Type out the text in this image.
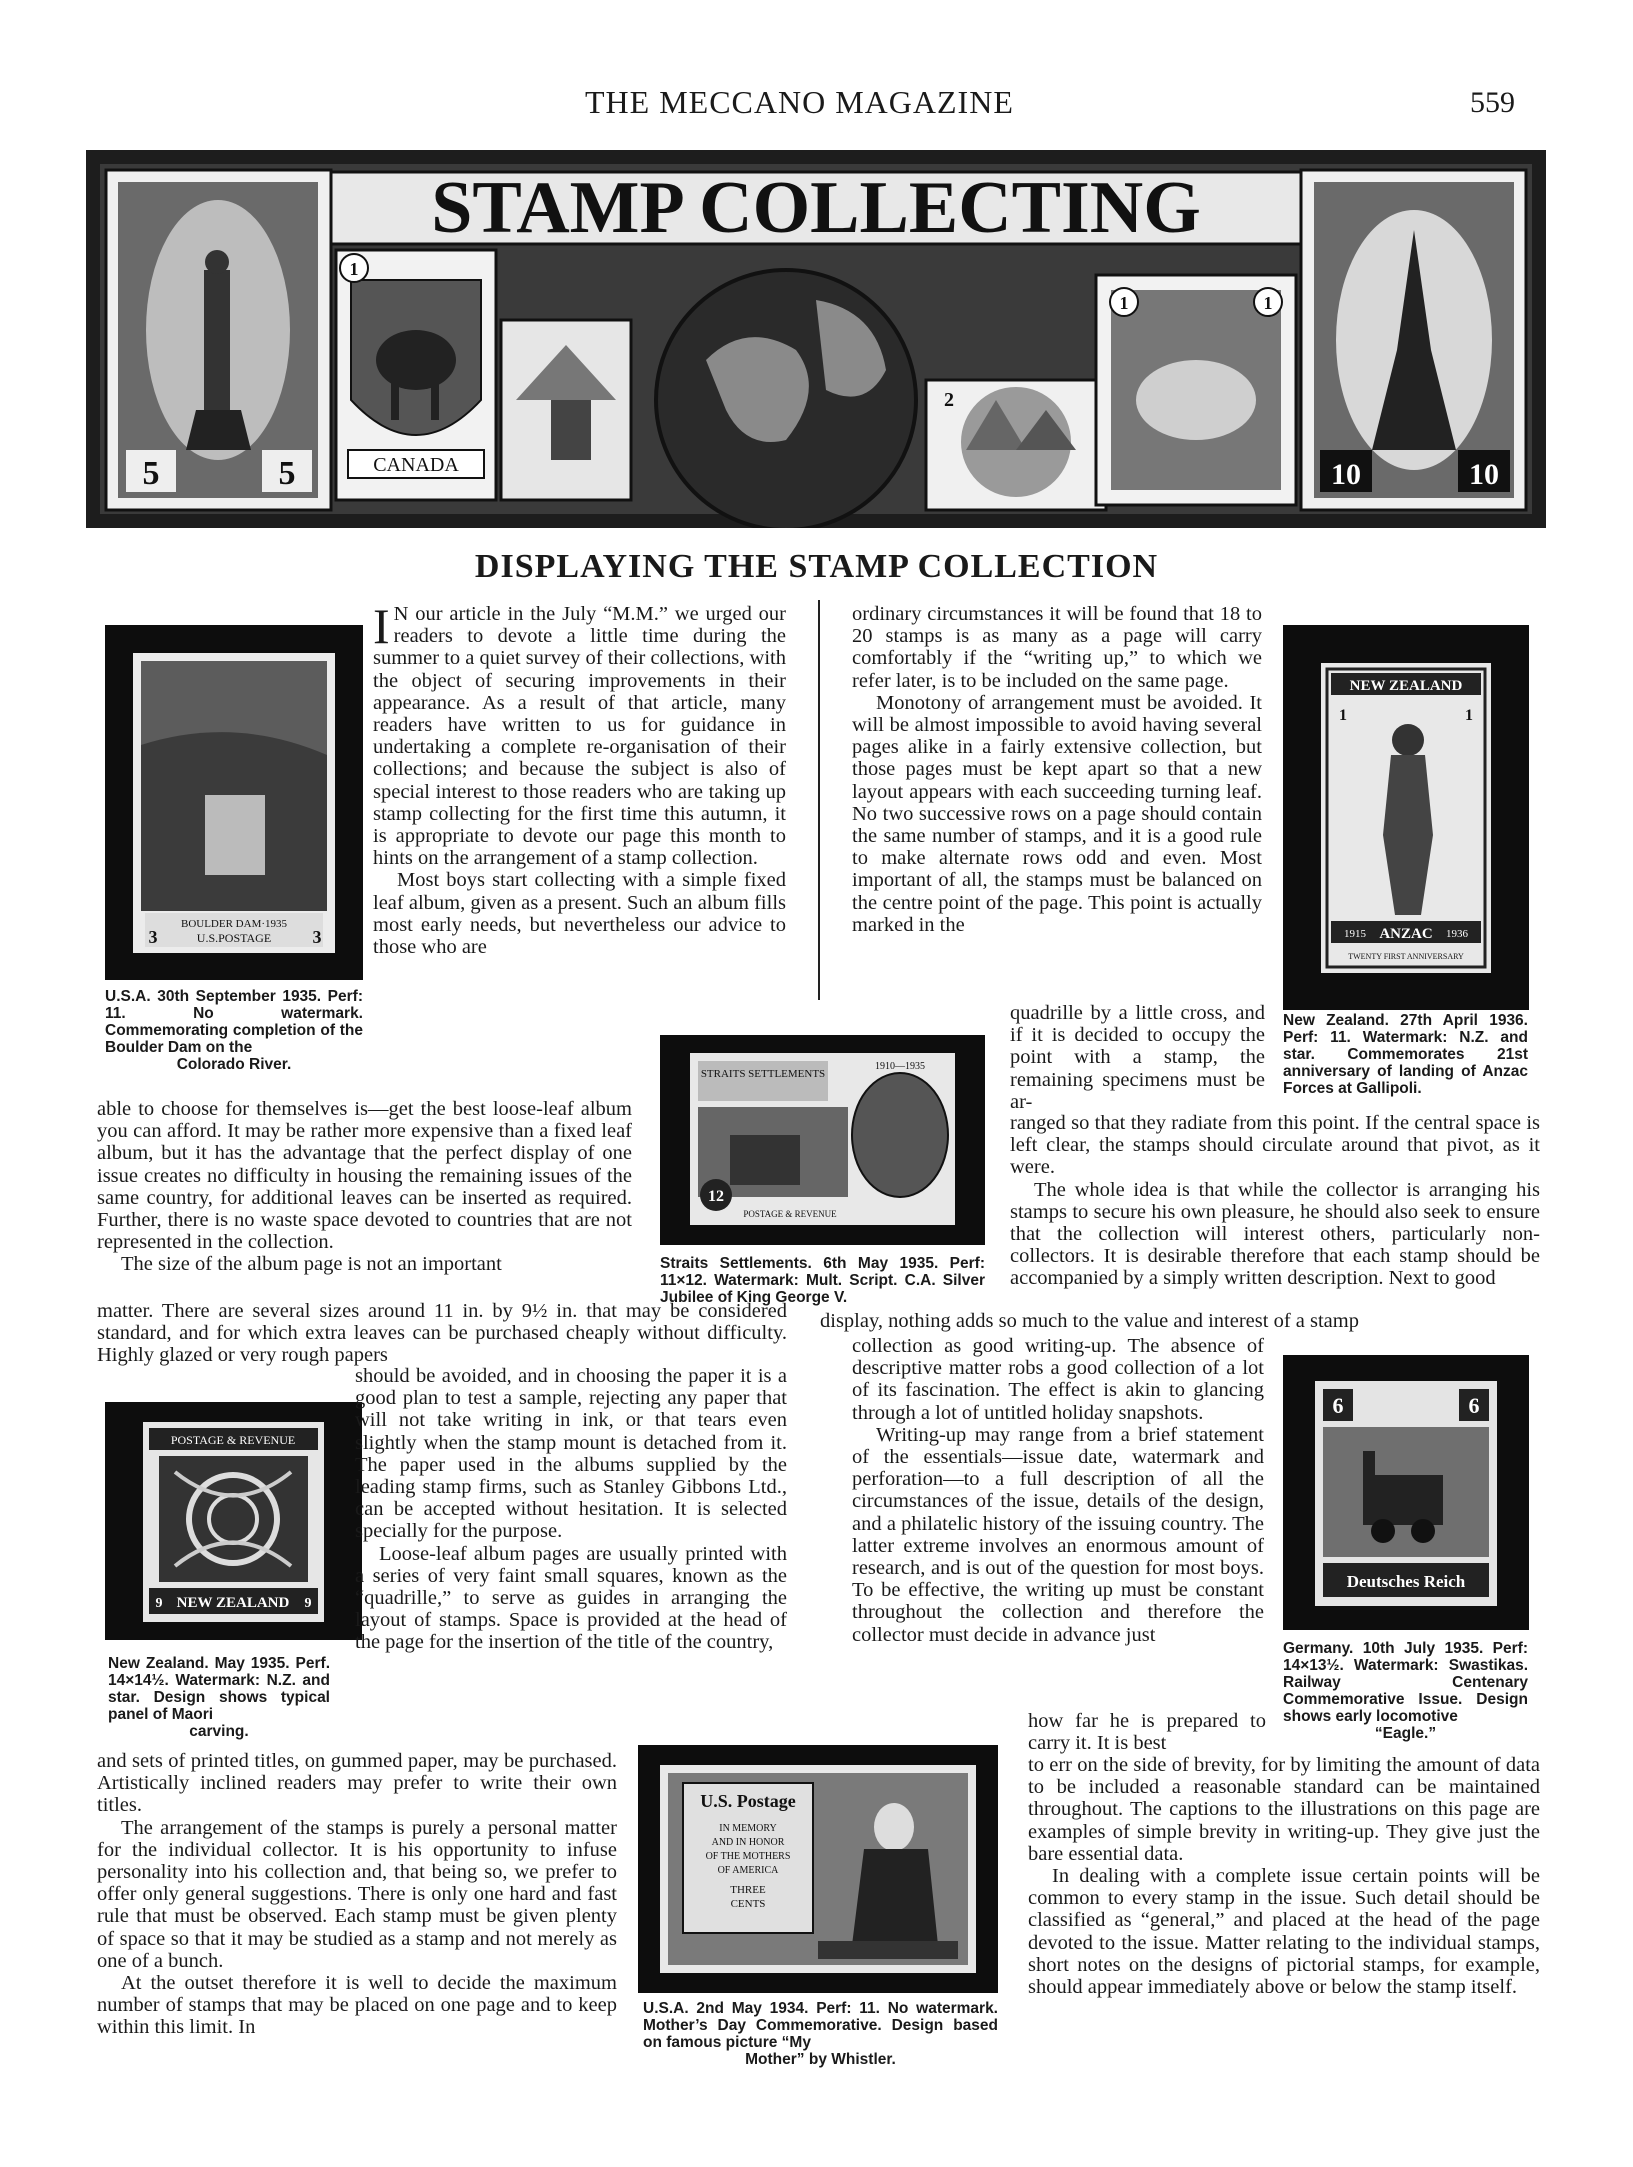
THE MECCANO MAGAZINE	559
STAMP COLLECTING
5	5
1
CANADA
2
1	1
10	10
DISPLAYING THE STAMP COLLECTION
BOULDER DAM·1935
U.S.POSTAGE
3	3
U.S.A. 30th September 1935. Perf: 11. No watermark. Commemorating completion of the Boulder Dam on the
Colorado River.
NEW ZEALAND
1	1
1915 ANZAC 1936
TWENTY FIRST ANNIVERSARY
New Zealand. 27th April 1936. Perf: 11. Watermark: N.Z. and star. Commemorates 21st anniversary of landing of Anzac Forces at Gallipoli.
STRAITS SETTLEMENTS
1910—1935
12
POSTAGE & REVENUE
Straits Settlements. 6th May 1935. Perf: 11×12. Watermark: Mult. Script. C.A. Silver Jubilee of King George V.
POSTAGE & REVENUE
NEW ZEALAND
9	9
New Zealand. May 1935. Perf. 14×14½. Watermark: N.Z. and star. Design shows typical panel of Maori
carving.
6	6
Deutsches Reich
Germany. 10th July 1935. Perf: 14×13½. Watermark: Swastikas. Railway Centenary Commemorative Issue. Design shows early locomotive
“Eagle.”
U.S. Postage
IN MEMORY
AND IN HONOR
OF THE MOTHERS
OF AMERICA
THREE
CENTS
U.S.A. 2nd May 1934. Perf: 11. No watermark. Mother’s Day Commemorative. Design based on famous picture “My
Mother” by Whistler.

I N our article in the July “M.M.” we urged our readers to devote a little time during the summer to a quiet survey of their collections, with the object of securing improvements in their appearance. As a result of that article, many readers have written to us for guidance in undertaking a complete re-organisation of their collections; and because the subject is also of special interest to those readers who are taking up stamp collecting for the first time this autumn, it is appropriate to devote our page this month to hints on the arrangement of a stamp collection.

Most boys start collecting with a simple fixed leaf album, given as a present. Such an album fills most early needs, but nevertheless our advice to those who are

able to choose for themselves is—get the best loose-leaf album you can afford. It may be rather more expensive than a fixed leaf album, but it has the advantage that the perfect display of one issue creates no difficulty in housing the remaining issues of the same country, for additional leaves can be inserted as required. Further, there is no waste space devoted to countries that are not represented in the collection.

The size of the album page is not an important

matter. There are several sizes around 11 in. by 9½ in. that may be considered standard, and for which extra leaves can be purchased cheaply without difficulty. Highly glazed or very rough papers

should be avoided, and in choosing the paper it is a good plan to test a sample, rejecting any paper that will not take writing in ink, or that tears even slightly when the stamp mount is detached from it. The paper used in the albums supplied by the leading stamp firms, such as Stanley Gibbons Ltd., can be accepted without hesitation. It is selected specially for the purpose.

Loose-leaf album pages are usually printed with a series of very faint small squares, known as the “quadrille,” to serve as guides in arranging the layout of stamps. Space is provided at the head of the page for the insertion of the title of the country,

and sets of printed titles, on gummed paper, may be purchased. Artistically inclined readers may prefer to write their own titles.

The arrangement of the stamps is purely a personal matter for the individual collector. It is his opportunity to infuse personality into his collection and, that being so, we prefer to offer only general suggestions. There is only one hard and fast rule that must be observed. Each stamp must be given plenty of space so that it may be studied as a stamp and not merely as one of a bunch.

At the outset therefore it is well to decide the maximum number of stamps that may be placed on one page and to keep within this limit. In

ordinary circumstances it will be found that 18 to 20 stamps is as many as a page will carry comfortably if the “writing up,” to which we refer later, is to be included on the same page.

Monotony of arrangement must be avoided. It will be almost impossible to avoid having several pages alike in a fairly extensive collection, but those pages must be kept apart so that a new layout appears with each succeeding turning leaf. No two successive rows on a page should contain the same number of stamps, and it is a good rule to make alternate rows odd and even. Most important of all, the stamps must be balanced on the centre point of the page. This point is actually marked in the

quadrille by a little cross, and if it is decided to occupy the point with a stamp, the remaining specimens must be ar-

ranged so that they radiate from this point. If the central space is left clear, the stamps should circulate around that pivot, as it were.

The whole idea is that while the collector is arranging his stamps to secure his own pleasure, he should also seek to ensure that the collection will interest others, particularly non-collectors. It is desirable therefore that each stamp should be accompanied by a simply written description. Next to good

display, nothing adds so much to the value and interest of a stamp

collection as good writing-up. The absence of descriptive matter robs a good collection of a lot of its fascination. The effect is akin to glancing through a lot of untitled holiday snapshots.

Writing-up may range from a brief statement of the essentials—issue date, watermark and perforation—to a full description of all the circumstances of the issue, details of the design, and a philatelic history of the issuing country. The latter extreme involves an enormous amount of research, and is out of the question for most boys. To be effective, the writing up must be constant throughout the collection and therefore the collector must decide in advance just

how far he is prepared to carry it. It is best

to err on the side of brevity, for by limiting the amount of data to be included a reasonable standard can be maintained throughout. The captions to the illustrations on this page are examples of simple brevity in writing-up. They give just the bare essential data.

In dealing with a complete issue certain points will be common to every stamp in the issue. Such detail should be classified as “general,” and placed at the head of the page devoted to the issue. Matter relating to the individual stamps, short notes on the designs of pictorial stamps, for example, should appear immediately above or below the stamp itself.
